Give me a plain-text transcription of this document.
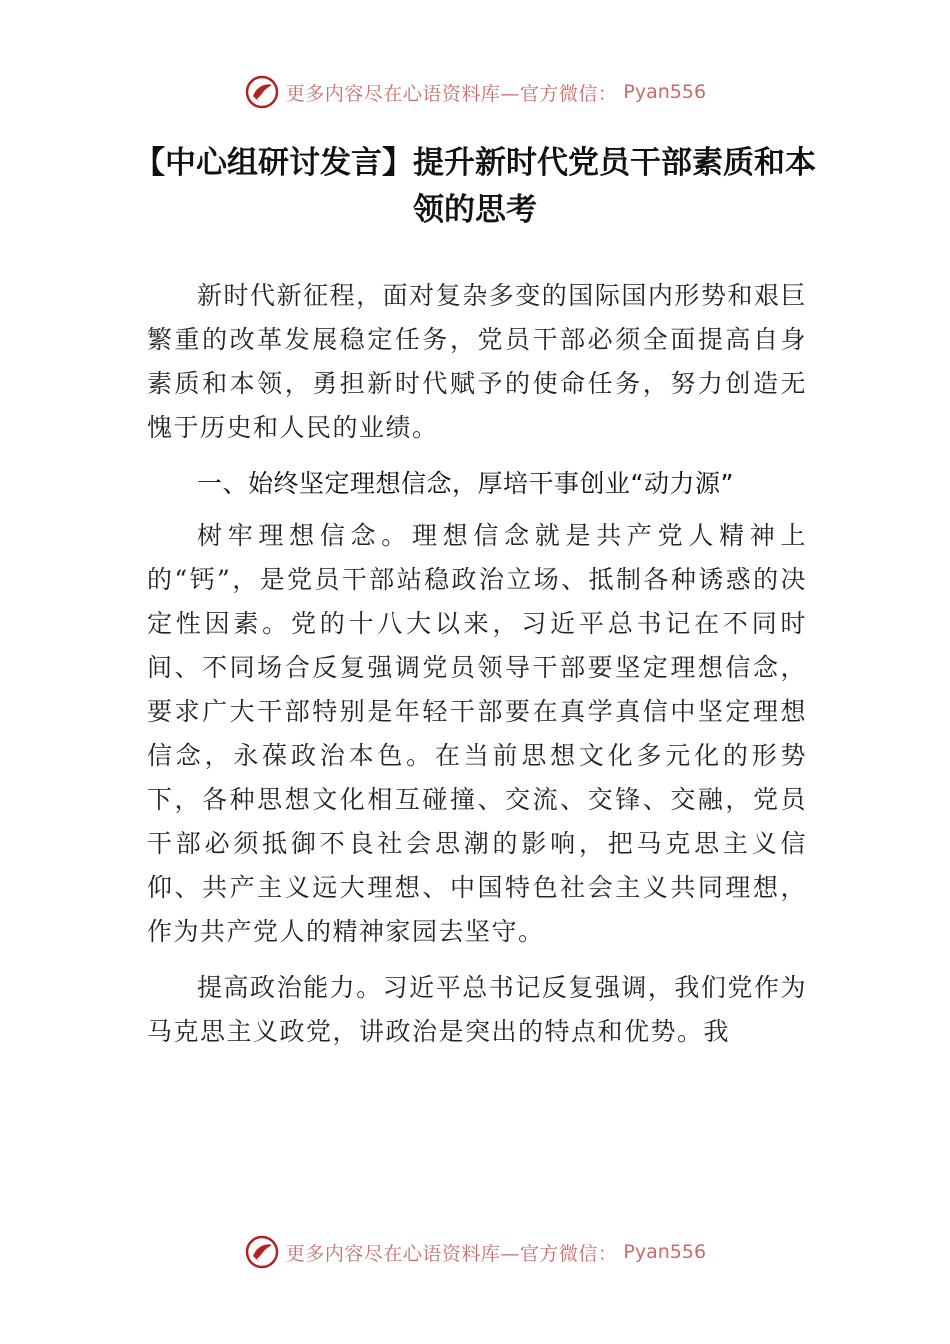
更多内容尽在心语资料库—官方微信： Pyan556
【中心组研讨发言】提升新时代党员干部素质和本领的思考

新时代新征程，面对复杂多变的国际国内形势和艰巨繁重的改革发展稳定任务，党员干部必须全面提高自身素质和本领，勇担新时代赋予的使命任务，努力创造无愧于历史和人民的业绩。

一、始终坚定理想信念，厚培干事创业“动力源”

树牢理想信念。理想信念就是共产党人精神上的“钙”，是党员干部站稳政治立场、抵制各种诱惑的决定性因素。党的十八大以来，习近平总书记在不同时间、不同场合反复强调党员领导干部要坚定理想信念，要求广大干部特别是年轻干部要在真学真信中坚定理想信念，永葆政治本色。在当前思想文化多元化的形势下，各种思想文化相互碰撞、交流、交锋、交融，党员干部必须抵御不良社会思潮的影响，把马克思主义信仰、共产主义远大理想、中国特色社会主义共同理想，作为共产党人的精神家园去坚守。

提高政治能力。习近平总书记反复强调，我们党作为马克思主义政党，讲政治是突出的特点和优势。我

更多内容尽在心语资料库—官方微信： Pyan556
